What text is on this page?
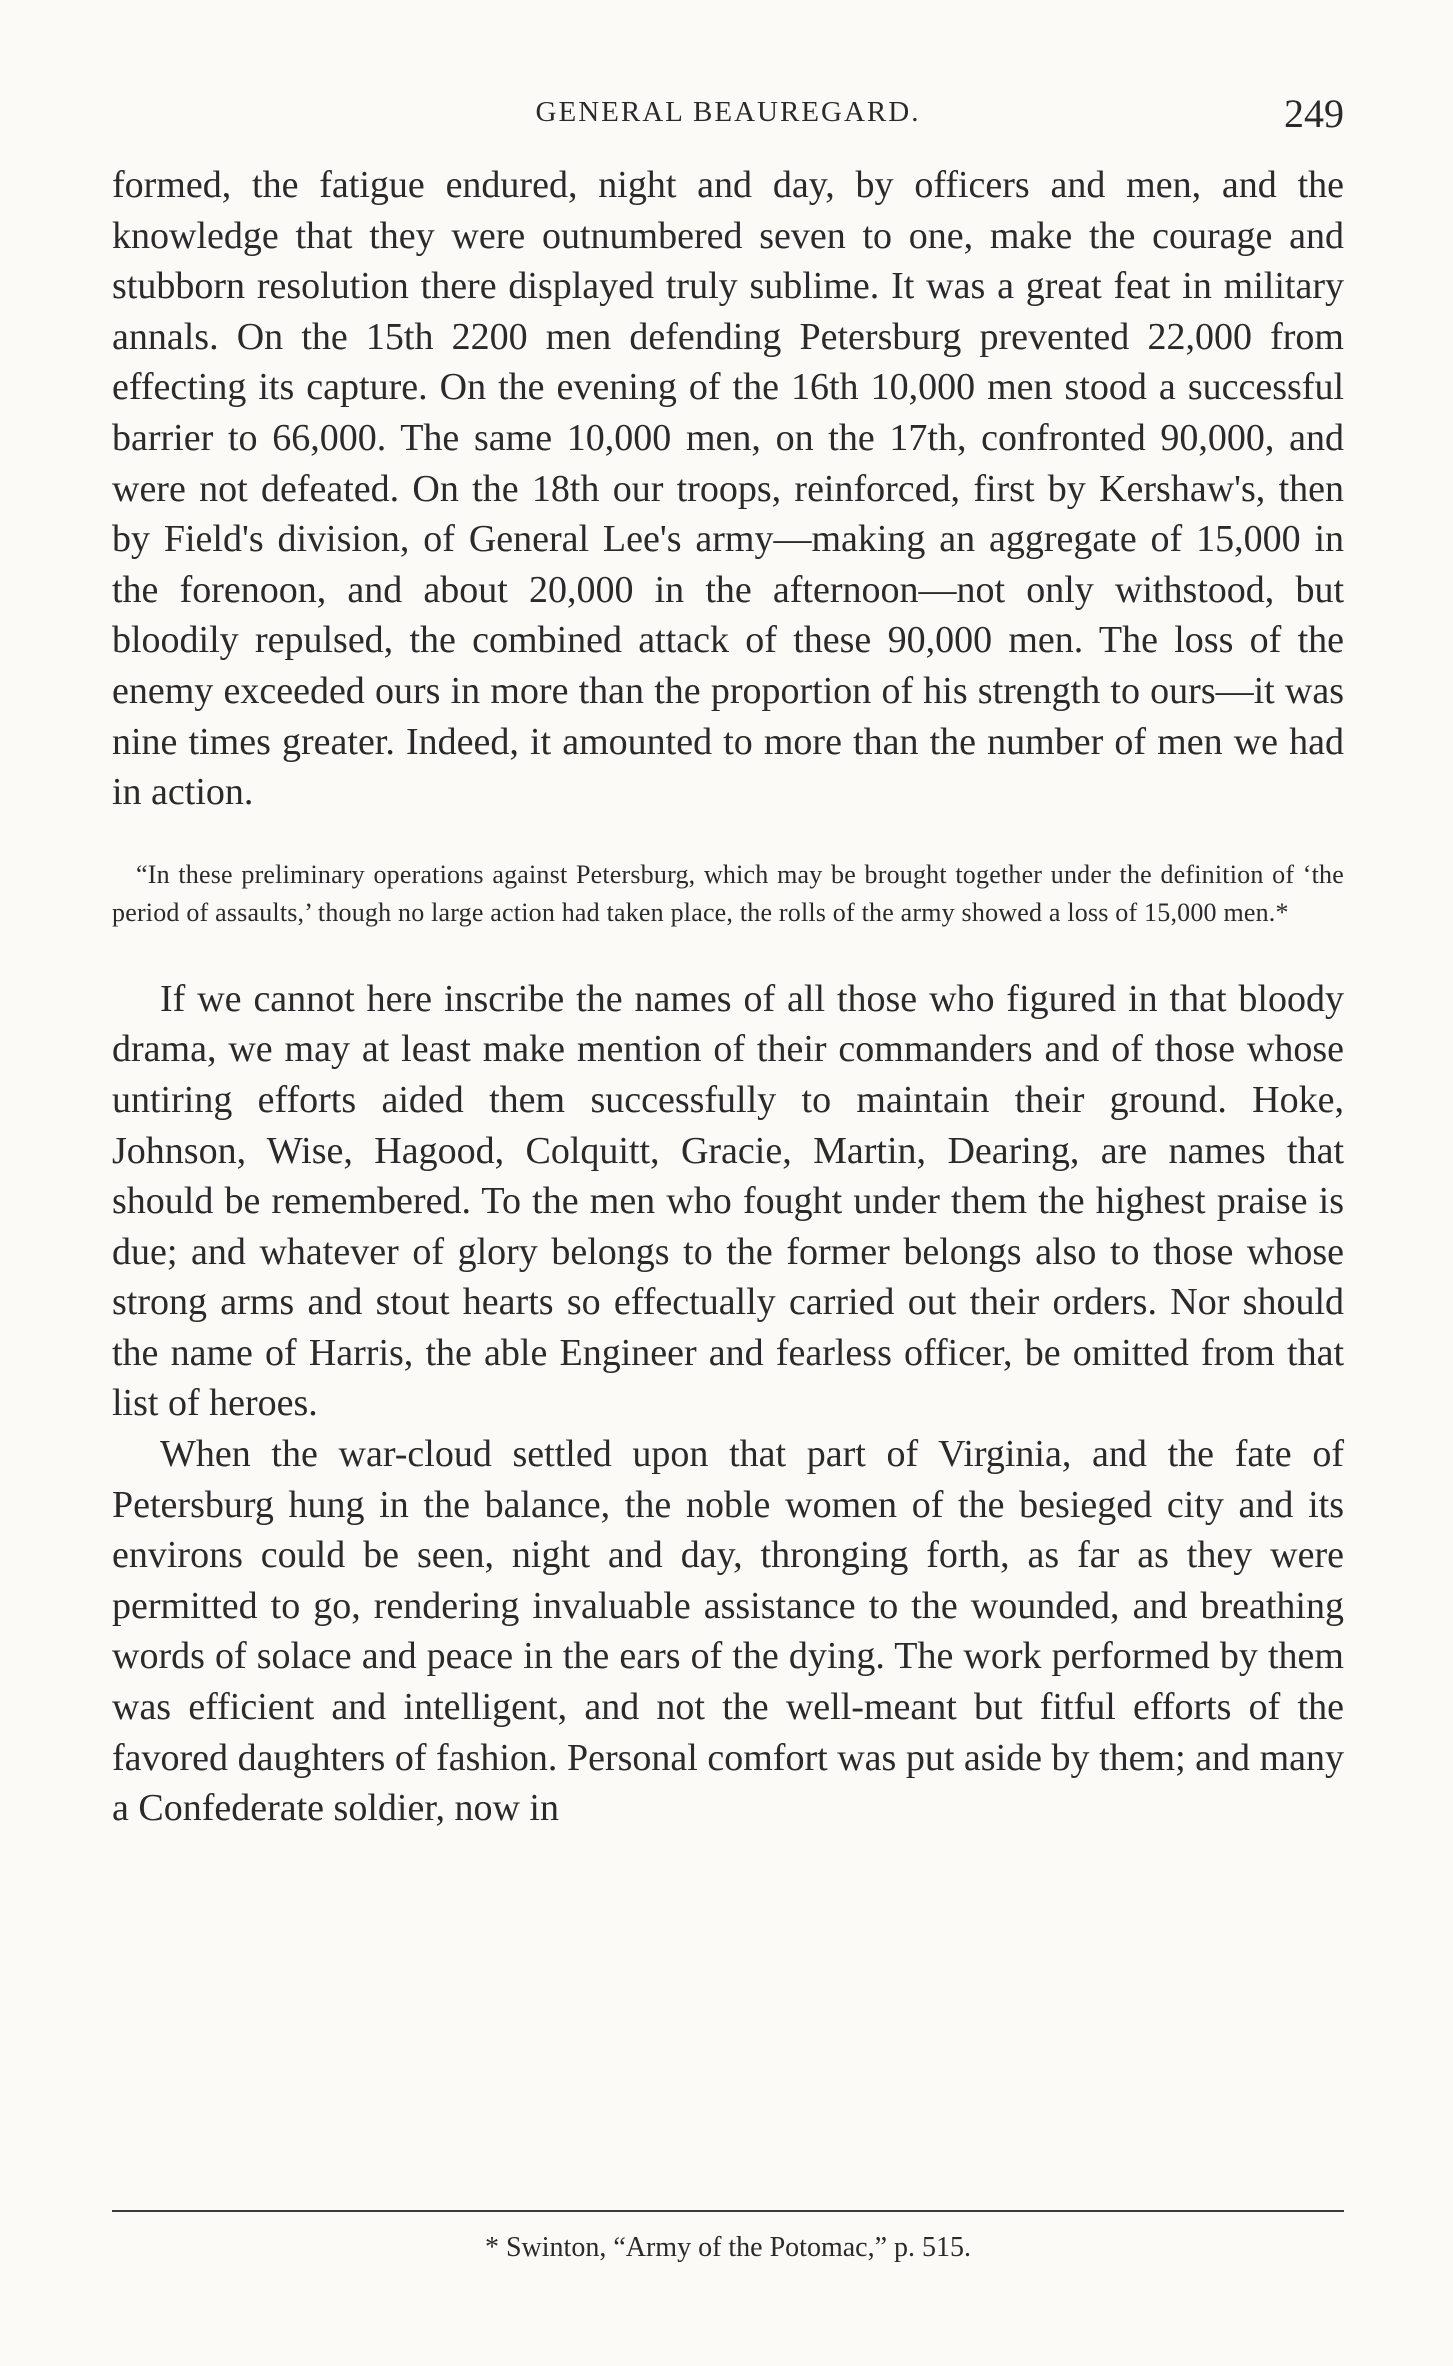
GENERAL BEAUREGARD.	249

formed, the fatigue endured, night and day, by officers and men, and the knowledge that they were outnumbered seven to one, make the courage and stubborn resolution there displayed truly sublime. It was a great feat in military annals. On the 15th 2200 men defending Petersburg prevented 22,000 from effecting its capture. On the evening of the 16th 10,000 men stood a successful barrier to 66,000. The same 10,000 men, on the 17th, confronted 90,000, and were not defeated. On the 18th our troops, reinforced, first by Kershaw's, then by Field's division, of General Lee's army—making an aggregate of 15,000 in the forenoon, and about 20,000 in the afternoon—not only withstood, but bloodily repulsed, the combined attack of these 90,000 men. The loss of the enemy exceeded ours in more than the proportion of his strength to ours—it was nine times greater. Indeed, it amounted to more than the number of men we had in action.

“In these preliminary operations against Petersburg, which may be brought together under the definition of ‘the period of assaults,’ though no large action had taken place, the rolls of the army showed a loss of 15,000 men.*

If we cannot here inscribe the names of all those who figured in that bloody drama, we may at least make mention of their commanders and of those whose untiring efforts aided them successfully to maintain their ground. Hoke, Johnson, Wise, Hagood, Colquitt, Gracie, Martin, Dearing, are names that should be remembered. To the men who fought under them the highest praise is due; and whatever of glory belongs to the former belongs also to those whose strong arms and stout hearts so effectually carried out their orders. Nor should the name of Harris, the able Engineer and fearless officer, be omitted from that list of heroes.

When the war-cloud settled upon that part of Virginia, and the fate of Petersburg hung in the balance, the noble women of the besieged city and its environs could be seen, night and day, thronging forth, as far as they were permitted to go, rendering invaluable assistance to the wounded, and breathing words of solace and peace in the ears of the dying. The work performed by them was efficient and intelligent, and not the well-meant but fitful efforts of the favored daughters of fashion. Personal comfort was put aside by them; and many a Confederate soldier, now in

* Swinton, “Army of the Potomac,” p. 515.
